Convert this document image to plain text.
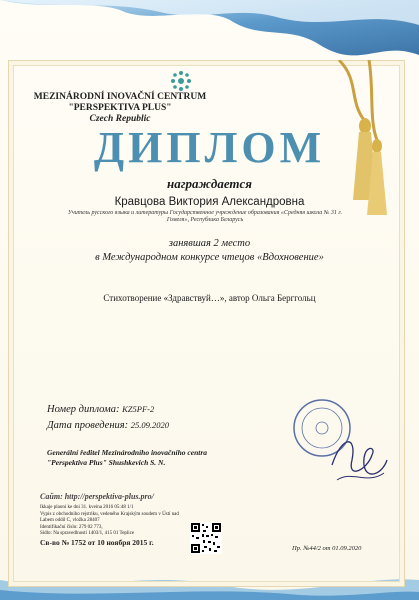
MEZINÁRODNÍ INOVAČNÍ CENTRUM
"PERSPEKTIVA PLUS"
Czech Republic
ДИПЛОМ
награждается
Кравцова Виктория Александровна
Учитель русского языка и литературы Государственное учреждение образования «Средняя школа № 31 г. Гомеля», Республика Беларусь
занявшая 2 место
в Международном конкурсе чтецов «Вдохновение»
Стихотворение «Здравствуй…», автор Ольга Берггольц
Номер диплома: KZ5PF-2
Дата проведения: 25.09.2020
Generální ředitel Mezinárodního inovačního centra
"Perspektiva Plus" Shushkevich S. N.
Сайт: http://perspektiva-plus.pro/
Ikkaje plaoni ke dni 31. kveina 2016 05:48 1/1
Vypis z obchodniho rejstriku, vedeného Krajským soudem v Ústí nad Labem oddil C, vložka 28407
Identifikační číslo: 279 02 773,
Sídlo: Na spravedlnosti 1403/1, 415 01 Teplice
Св-во № 1752 от 10 ноября 2015 г.
Пр. №44/2 от 01.09.2020
